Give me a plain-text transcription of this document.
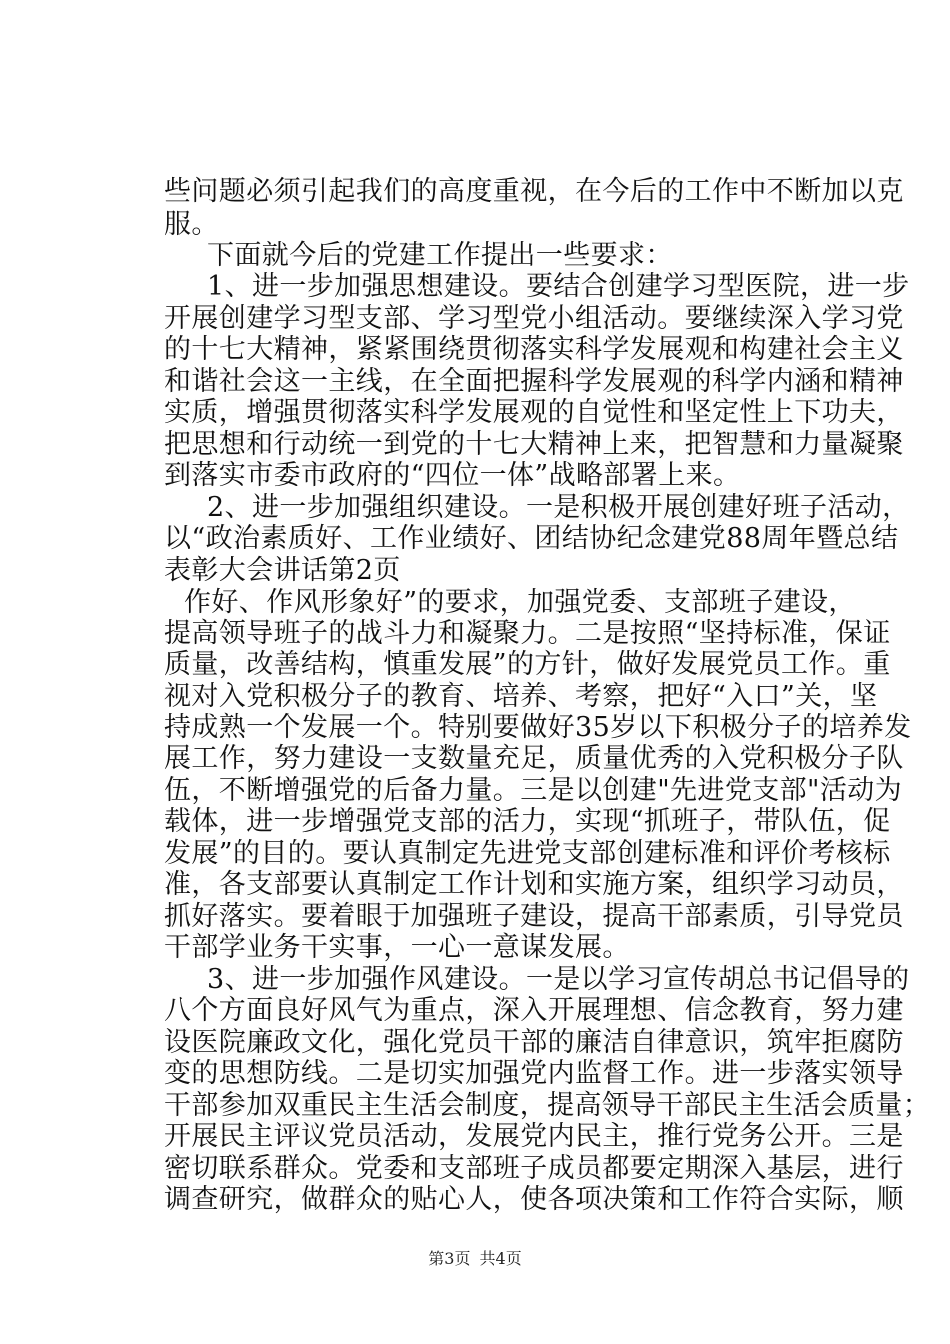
些问题必须引起我们的高度重视，在今后的工作中不断加以克
服。
下面就今后的党建工作提出一些要求：
1、进一步加强思想建设。要结合创建学习型医院，进一步
开展创建学习型支部、学习型党小组活动。要继续深入学习党
的十七大精神，紧紧围绕贯彻落实科学发展观和构建社会主义
和谐社会这一主线，在全面把握科学发展观的科学内涵和精神
实质，增强贯彻落实科学发展观的自觉性和坚定性上下功夫，
把思想和行动统一到党的十七大精神上来，把智慧和力量凝聚
到落实市委市政府的“四位一体”战略部署上来。
2、进一步加强组织建设。一是积极开展创建好班子活动，
以“政治素质好、工作业绩好、团结协纪念建党88周年暨总结
表彰大会讲话第2页
作好、作风形象好”的要求，加强党委、支部班子建设，
提高领导班子的战斗力和凝聚力。二是按照“坚持标准，保证
质量，改善结构，慎重发展”的方针，做好发展党员工作。重
视对入党积极分子的教育、培养、考察，把好“入口”关，坚
持成熟一个发展一个。特别要做好35岁以下积极分子的培养发
展工作，努力建设一支数量充足，质量优秀的入党积极分子队
伍，不断增强党的后备力量。三是以创建"先进党支部"活动为
载体，进一步增强党支部的活力，实现“抓班子，带队伍，促
发展”的目的。要认真制定先进党支部创建标准和评价考核标
准，各支部要认真制定工作计划和实施方案，组织学习动员，
抓好落实。要着眼于加强班子建设，提高干部素质，引导党员
干部学业务干实事，一心一意谋发展。
3、进一步加强作风建设。一是以学习宣传胡总书记倡导的
八个方面良好风气为重点，深入开展理想、信念教育，努力建
设医院廉政文化，强化党员干部的廉洁自律意识，筑牢拒腐防
变的思想防线。二是切实加强党内监督工作。进一步落实领导
干部参加双重民主生活会制度，提高领导干部民主生活会质量；
开展民主评议党员活动，发展党内民主，推行党务公开。三是
密切联系群众。党委和支部班子成员都要定期深入基层，进行
调查研究，做群众的贴心人，使各项决策和工作符合实际，顺
第3页 共4页
